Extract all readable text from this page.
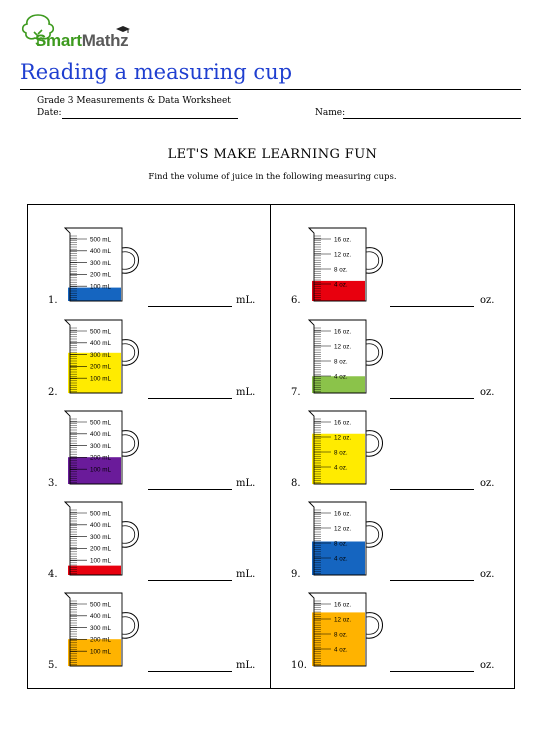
SmartMathz
Reading a measuring cup
Grade 3 Measurements & Data Worksheet
Date:	Name:
LET'S MAKE LEARNING FUN
Find the volume of juice in the following measuring cups.
500 mL
400 mL
300 mL
200 mL
100 mL
1.	mL.
500 mL
400 mL
300 mL
200 mL
100 mL
2.	mL.
500 mL
400 mL
300 mL
200 mL
100 mL
3.	mL.
500 mL
400 mL
300 mL
200 mL
100 mL
4.	mL.
500 mL
400 mL
300 mL
200 mL
100 mL
5.	mL.
16 oz.
12 oz.
8 oz.
4 oz.
6.	oz.
16 oz.
12 oz.
8 oz.
4 oz.
7.	oz.
16 oz.
12 oz.
8 oz.
4 oz.
8.	oz.
16 oz.
12 oz.
8 oz.
4 oz.
9.	oz.
16 oz.
12 oz.
8 oz.
4 oz.
10.	oz.
